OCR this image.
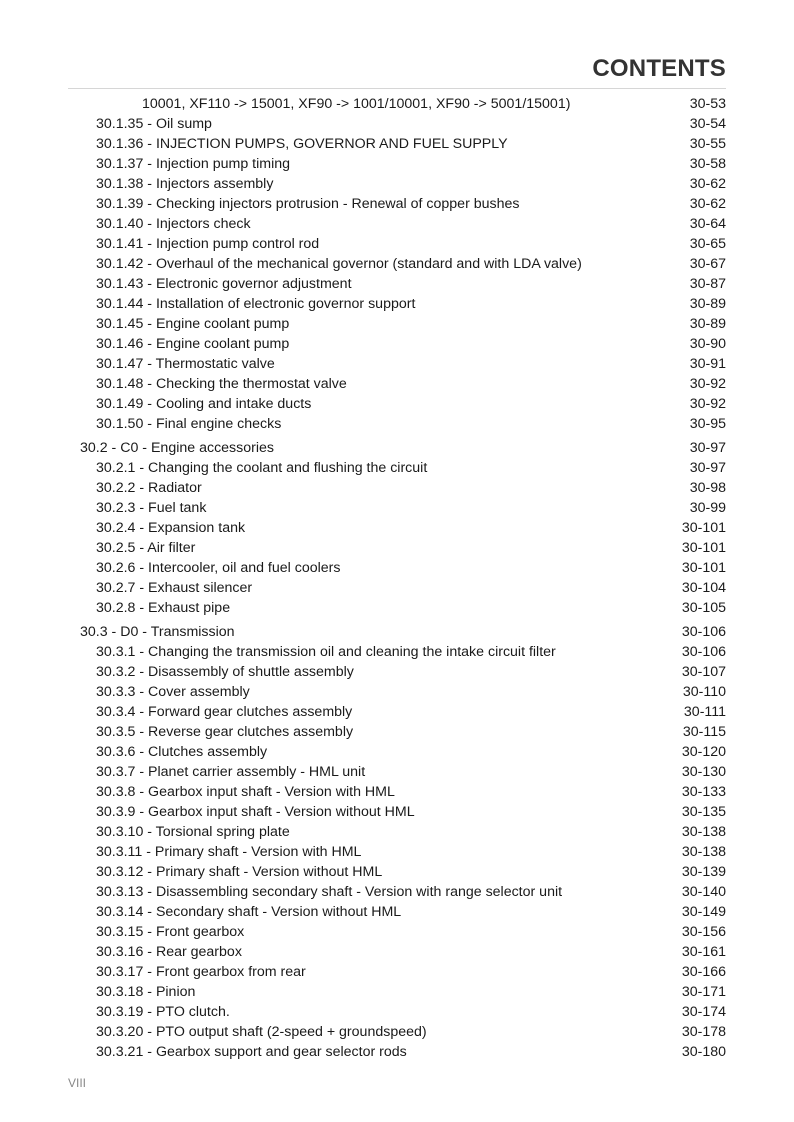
CONTENTS
10001, XF110 -> 15001, XF90 -> 1001/10001, XF90 -> 5001/15001)	30-53
30.1.35 - Oil sump	30-54
30.1.36 - INJECTION PUMPS, GOVERNOR AND FUEL SUPPLY	30-55
30.1.37 - Injection pump timing	30-58
30.1.38 - Injectors assembly	30-62
30.1.39 - Checking injectors protrusion - Renewal of copper bushes	30-62
30.1.40 - Injectors check	30-64
30.1.41 - Injection pump control rod	30-65
30.1.42 - Overhaul of the mechanical governor (standard and with LDA valve)	30-67
30.1.43 - Electronic governor adjustment	30-87
30.1.44 - Installation of electronic governor support	30-89
30.1.45 - Engine coolant pump	30-89
30.1.46 - Engine coolant pump	30-90
30.1.47 - Thermostatic valve	30-91
30.1.48 - Checking the thermostat valve	30-92
30.1.49 - Cooling and intake ducts	30-92
30.1.50 - Final engine checks	30-95
30.2 - C0 - Engine accessories	30-97
30.2.1 - Changing the coolant and flushing the circuit	30-97
30.2.2 - Radiator	30-98
30.2.3 - Fuel tank	30-99
30.2.4 - Expansion tank	30-101
30.2.5 - Air filter	30-101
30.2.6 - Intercooler, oil and fuel coolers	30-101
30.2.7 - Exhaust silencer	30-104
30.2.8 - Exhaust pipe	30-105
30.3 - D0 - Transmission	30-106
30.3.1 - Changing the transmission oil and cleaning the intake circuit filter	30-106
30.3.2 - Disassembly of shuttle assembly	30-107
30.3.3 - Cover assembly	30-110
30.3.4 - Forward gear clutches assembly	30-111
30.3.5 - Reverse gear clutches assembly	30-115
30.3.6 - Clutches assembly	30-120
30.3.7 - Planet carrier assembly - HML unit	30-130
30.3.8 - Gearbox input shaft - Version with HML	30-133
30.3.9 - Gearbox input shaft - Version without HML	30-135
30.3.10 - Torsional spring plate	30-138
30.3.11 - Primary shaft - Version with HML	30-138
30.3.12 - Primary shaft - Version without HML	30-139
30.3.13 - Disassembling secondary shaft - Version with range selector unit	30-140
30.3.14 - Secondary shaft - Version without HML	30-149
30.3.15 - Front gearbox	30-156
30.3.16 - Rear gearbox	30-161
30.3.17 - Front gearbox from rear	30-166
30.3.18 - Pinion	30-171
30.3.19 - PTO clutch.	30-174
30.3.20 - PTO output shaft (2-speed + groundspeed)	30-178
30.3.21 - Gearbox support and gear selector rods	30-180
VIII
